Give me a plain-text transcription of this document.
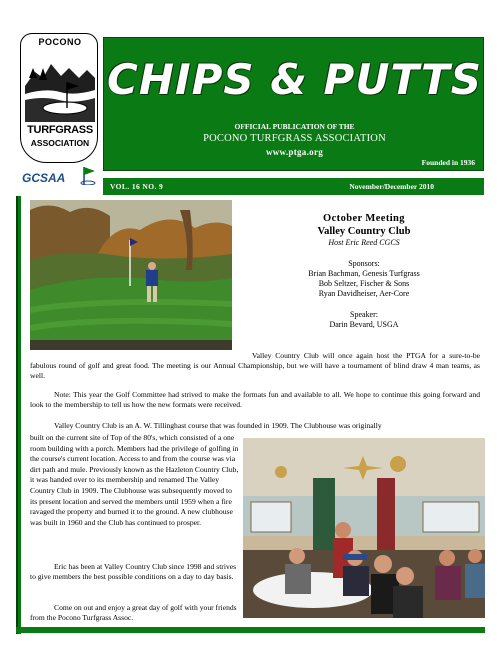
POCONO
TURFGRASS
ASSOCIATION
GCSAA
CHIPS & PUTTS
OFFICIAL PUBLICATION OF THE
POCONO TURFGRASS ASSOCIATION
www.ptga.org
Founded in 1936
VOL. 16 NO. 9	November/December 2010
October Meeting
Valley Country Club
Host Eric Reed CGCS
Sponsors:
Brian Bachman, Genesis Turfgrass
Bob Seltzer, Fischer & Sons
Ryan Davidheiser, Aer-Core
Speaker:
Darin Bevard, USGA
Valley Country Club will once again host the PTGA for a sure-to-be fabulous round of golf and great food. The meeting is our Annual Championship, but we will have a tournament of blind draw 4 man teams, as well.
Note: This year the Golf Committee had strived to make the formats fun and available to all. We hope to continue this going forward and look to the membership to tell us how the new formats were received.
Valley Country Club is an A. W. Tillinghast course that was founded in 1909. The Clubhouse was originally
built on the current site of Top of the 80's, which consisted of a one room building with a porch. Members had the privilege of golfing in the course's current location. Access to and from the course was via dirt path and mule. Previously known as the Hazleton Country Club, it was handed over to its membership and renamed The Valley Country Club in 1909. The Clubhouse was subsequently moved to its present location and served the members until 1959 when a fire ravaged the property and burned it to the ground. A new clubhouse was built in 1960 and the Club has continued to prosper.
Eric has been at Valley Country Club since 1998 and strives to give members the best possible conditions on a day to day basis.
Come on out and enjoy a great day of golf with your friends from the Pocono Turfgrass Assoc.
